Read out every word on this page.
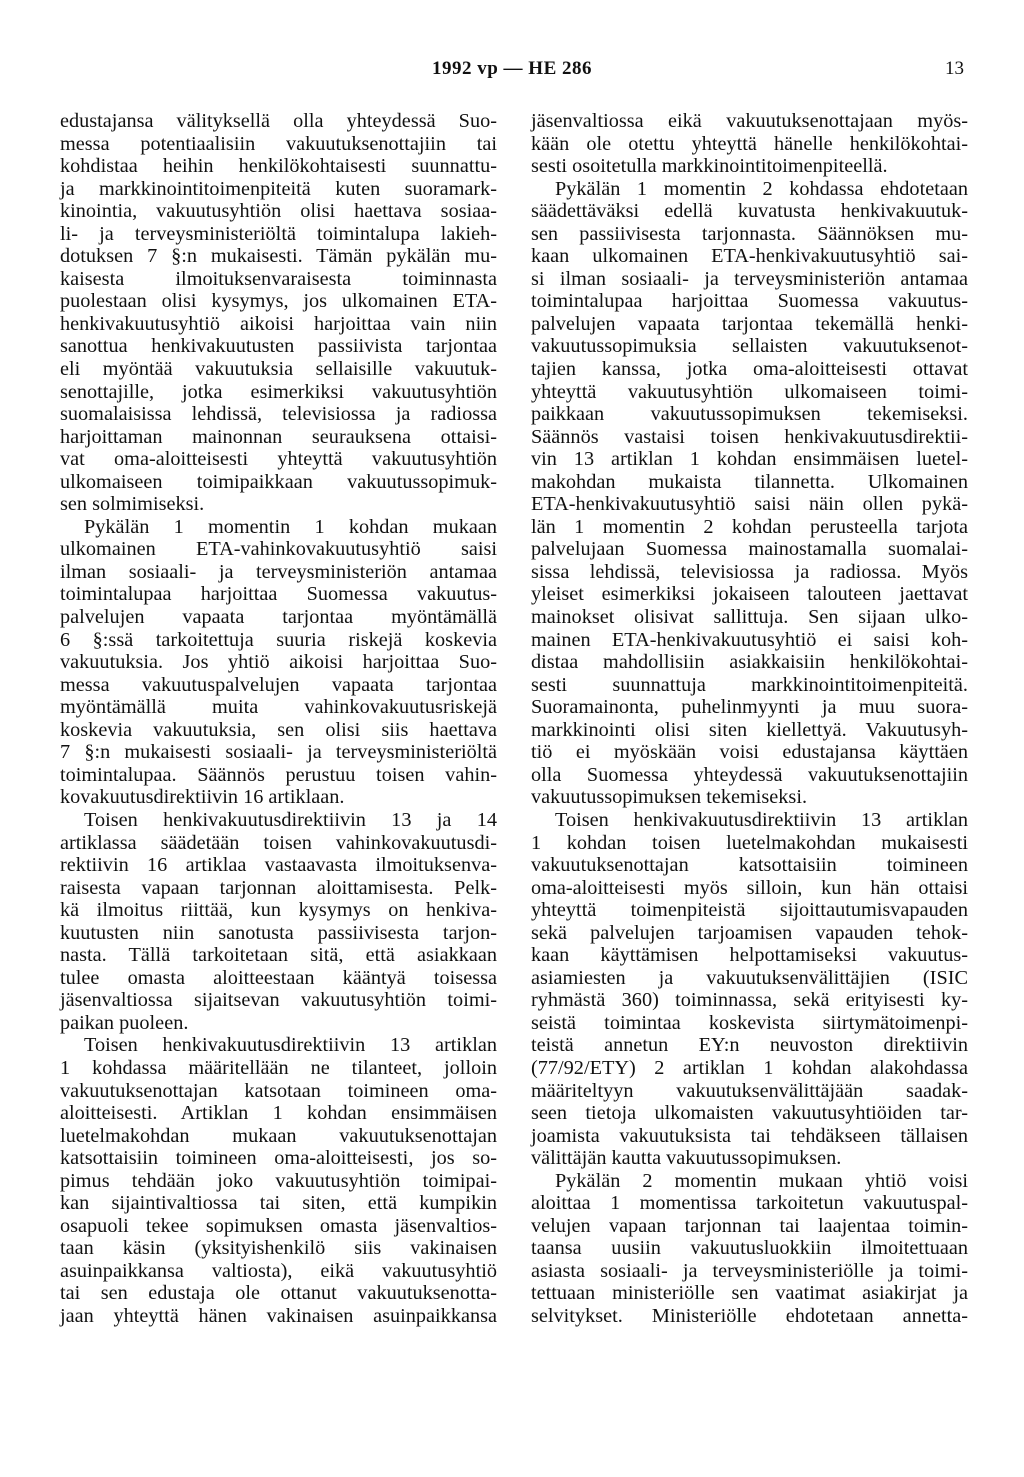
1992 vp — HE 286	13
edustajansa välityksellä olla yhteydessä Suo-
messa potentiaalisiin vakuutuksenottajiin tai
kohdistaa heihin henkilökohtaisesti suunnattu-
ja markkinointitoimenpiteitä kuten suoramark-
kinointia, vakuutusyhtiön olisi haettava sosiaa-
li- ja terveysministeriöltä toimintalupa lakieh-
dotuksen 7 §:n mukaisesti. Tämän pykälän mu-
kaisesta ilmoituksenvaraisesta toiminnasta
puolestaan olisi kysymys, jos ulkomainen ETA-
henkivakuutusyhtiö aikoisi harjoittaa vain niin
sanottua henkivakuutusten passiivista tarjontaa
eli myöntää vakuutuksia sellaisille vakuutuk-
senottajille, jotka esimerkiksi vakuutusyhtiön
suomalaisissa lehdissä, televisiossa ja radiossa
harjoittaman mainonnan seurauksena ottaisi-
vat oma-aloitteisesti yhteyttä vakuutusyhtiön
ulkomaiseen toimipaikkaan vakuutussopimuk-
sen solmimiseksi.
Pykälän 1 momentin 1 kohdan mukaan
ulkomainen ETA-vahinkovakuutusyhtiö saisi
ilman sosiaali- ja terveysministeriön antamaa
toimintalupaa harjoittaa Suomessa vakuutus-
palvelujen vapaata tarjontaa myöntämällä
6 §:ssä tarkoitettuja suuria riskejä koskevia
vakuutuksia. Jos yhtiö aikoisi harjoittaa Suo-
messa vakuutuspalvelujen vapaata tarjontaa
myöntämällä muita vahinkovakuutusriskejä
koskevia vakuutuksia, sen olisi siis haettava
7 §:n mukaisesti sosiaali- ja terveysministeriöltä
toimintalupaa. Säännös perustuu toisen vahin-
kovakuutusdirektiivin 16 artiklaan.
Toisen henkivakuutusdirektiivin 13 ja 14
artiklassa säädetään toisen vahinkovakuutusdi-
rektiivin 16 artiklaa vastaavasta ilmoituksenva-
raisesta vapaan tarjonnan aloittamisesta. Pelk-
kä ilmoitus riittää, kun kysymys on henkiva-
kuutusten niin sanotusta passiivisesta tarjon-
nasta. Tällä tarkoitetaan sitä, että asiakkaan
tulee omasta aloitteestaan kääntyä toisessa
jäsenvaltiossa sijaitsevan vakuutusyhtiön toimi-
paikan puoleen.
Toisen henkivakuutusdirektiivin 13 artiklan
1 kohdassa määritellään ne tilanteet, jolloin
vakuutuksenottajan katsotaan toimineen oma-
aloitteisesti. Artiklan 1 kohdan ensimmäisen
luetelmakohdan mukaan vakuutuksenottajan
katsottaisiin toimineen oma-aloitteisesti, jos so-
pimus tehdään joko vakuutusyhtiön toimipai-
kan sijaintivaltiossa tai siten, että kumpikin
osapuoli tekee sopimuksen omasta jäsenvaltios-
taan käsin (yksityishenkilö siis vakinaisen
asuinpaikkansa valtiosta), eikä vakuutusyhtiö
tai sen edustaja ole ottanut vakuutuksenotta-
jaan yhteyttä hänen vakinaisen asuinpaikkansa
jäsenvaltiossa eikä vakuutuksenottajaan myös-
kään ole otettu yhteyttä hänelle henkilökohtai-
sesti osoitetulla markkinointitoimenpiteellä.
Pykälän 1 momentin 2 kohdassa ehdotetaan
säädettäväksi edellä kuvatusta henkivakuutuk-
sen passiivisesta tarjonnasta. Säännöksen mu-
kaan ulkomainen ETA-henkivakuutusyhtiö sai-
si ilman sosiaali- ja terveysministeriön antamaa
toimintalupaa harjoittaa Suomessa vakuutus-
palvelujen vapaata tarjontaa tekemällä henki-
vakuutussopimuksia sellaisten vakuutuksenot-
tajien kanssa, jotka oma-aloitteisesti ottavat
yhteyttä vakuutusyhtiön ulkomaiseen toimi-
paikkaan vakuutussopimuksen tekemiseksi.
Säännös vastaisi toisen henkivakuutusdirektii-
vin 13 artiklan 1 kohdan ensimmäisen luetel-
makohdan mukaista tilannetta. Ulkomainen
ETA-henkivakuutusyhtiö saisi näin ollen pykä-
län 1 momentin 2 kohdan perusteella tarjota
palvelujaan Suomessa mainostamalla suomalai-
sissa lehdissä, televisiossa ja radiossa. Myös
yleiset esimerkiksi jokaiseen talouteen jaettavat
mainokset olisivat sallittuja. Sen sijaan ulko-
mainen ETA-henkivakuutusyhtiö ei saisi koh-
distaa mahdollisiin asiakkaisiin henkilökohtai-
sesti suunnattuja markkinointitoimenpiteitä.
Suoramainonta, puhelinmyynti ja muu suora-
markkinointi olisi siten kiellettyä. Vakuutusyh-
tiö ei myöskään voisi edustajansa käyttäen
olla Suomessa yhteydessä vakuutuksenottajiin
vakuutussopimuksen tekemiseksi.
Toisen henkivakuutusdirektiivin 13 artiklan
1 kohdan toisen luetelmakohdan mukaisesti
vakuutuksenottajan katsottaisiin toimineen
oma-aloitteisesti myös silloin, kun hän ottaisi
yhteyttä toimenpiteistä sijoittautumisvapauden
sekä palvelujen tarjoamisen vapauden tehok-
kaan käyttämisen helpottamiseksi vakuutus-
asiamiesten ja vakuutuksenvälittäjien (ISIC
ryhmästä 360) toiminnassa, sekä erityisesti ky-
seistä toimintaa koskevista siirtymätoimenpi-
teistä annetun EY:n neuvoston direktiivin
(77/92/ETY) 2 artiklan 1 kohdan alakohdassa
määriteltyyn vakuutuksenvälittäjään saadak-
seen tietoja ulkomaisten vakuutusyhtiöiden tar-
joamista vakuutuksista tai tehdäkseen tällaisen
välittäjän kautta vakuutussopimuksen.
Pykälän 2 momentin mukaan yhtiö voisi
aloittaa 1 momentissa tarkoitetun vakuutuspal-
velujen vapaan tarjonnan tai laajentaa toimin-
taansa uusiin vakuutusluokkiin ilmoitettuaan
asiasta sosiaali- ja terveysministeriölle ja toimi-
tettuaan ministeriölle sen vaatimat asiakirjat ja
selvitykset. Ministeriölle ehdotetaan annetta-
